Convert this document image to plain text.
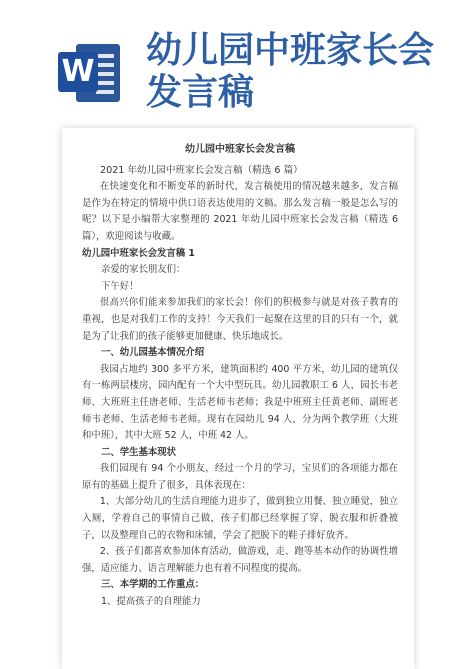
W
幼儿园中班家长会发言稿
幼儿园中班家长会发言稿
2021 年幼儿园中班家长会发言稿（精选 6 篇）

在快速变化和不断变革的新时代，发言稿使用的情况越来越多，发言稿是作为在特定的情境中供口语表达使用的文稿。那么发言稿一般是怎么写的呢？以下是小编帮大家整理的 2021 年幼儿园中班家长会发言稿（精选 6 篇），欢迎阅读与收藏。

幼儿园中班家长会发言稿 1
亲爱的家长朋友们：
下午好！

很高兴你们能来参加我们的家长会！你们的积极参与就是对孩子教育的重视，也是对我们工作的支持！今天我们一起聚在这里的目的只有一个，就是为了让我们的孩子能够更加健康、快乐地成长。

一、幼儿园基本情况介绍

我园占地约 300 多平方米，建筑面积约 400 平方米，幼儿园的建筑仅有一栋两层楼房，园内配有一个大中型玩具。幼儿园教职工 6 人，园长韦老师、大班班主任唐老师、生活老师韦老师；我是中班班主任黄老师、副班老师韦老师、生活老师韦老师。现有在园幼儿 94 人，分为两个教学班（大班和中班），其中大班 52 人，中班 42 人。

二、学生基本现状

我们园现有 94 个小朋友，经过一个月的学习，宝贝们的各项能力都在原有的基础上提升了很多，具体表现在：

1、大部分幼儿的生活自理能力进步了，做到独立用餐、独立睡觉，独立入厕，学着自己的事情自己做，孩子们都已经掌握了穿、脱衣服和折叠被子，以及整理自己的衣物和床铺，学会了把脱下的鞋子排好放齐。

2、孩子们都喜欢参加体育活动，做游戏，走、跑等基本动作的协调性增强，适应能力、语言理解能力也有着不同程度的提高。

三、本学期的工作重点：
1、提高孩子的自理能力
